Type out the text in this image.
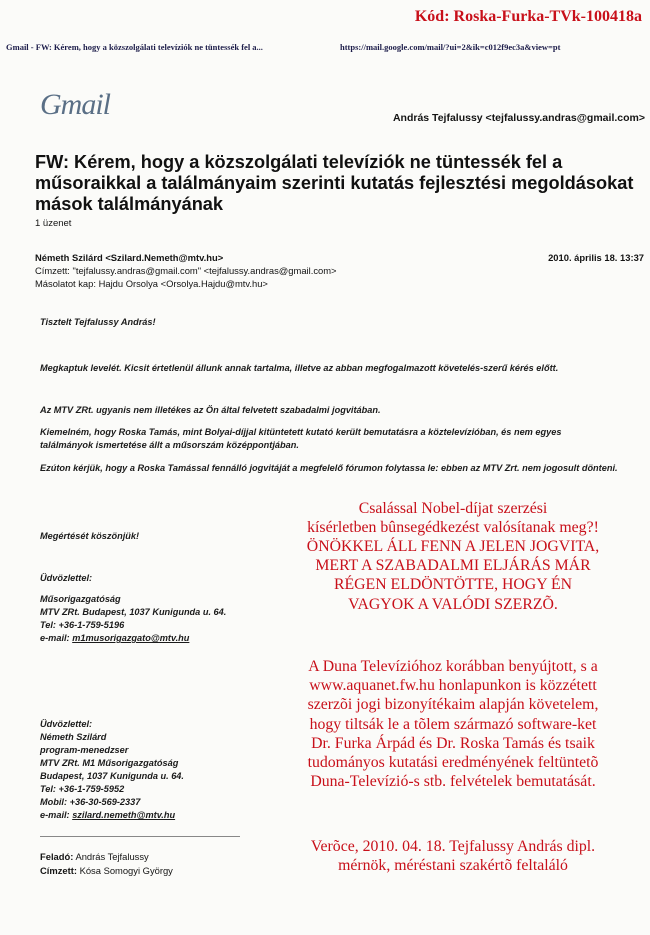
Kód: Roska-Furka-TVk-100418a
Gmail - FW: Kérem, hogy a közszolgálati televíziók ne tüntessék fel a...	https://mail.google.com/mail/?ui=2&ik=c012f9ec3a&view=pt
Gmail	András Tejfalussy <tejfalussy.andras@gmail.com>
FW: Kérem, hogy a közszolgálati televíziók ne tüntessék fel a műsoraikkal a találmányaim szerinti kutatás fejlesztési megoldásokat mások találmányának
1 üzenet
Németh Szilárd <Szilard.Nemeth@mtv.hu>	2010. április 18. 13:37
Címzett: "tejfalussy.andras@gmail.com" <tejfalussy.andras@gmail.com>
Másolatot kap: Hajdu Orsolya <Orsolya.Hajdu@mtv.hu>
Tisztelt Tejfalussy András!
Megkaptuk levelét. Kicsit értetlenül állunk annak tartalma, illetve az abban megfogalmazott követelés-szerű kérés előtt.
Az MTV ZRt. ugyanis nem illetékes az Ön által felvetett szabadalmi jogvitában.
Kiemelném, hogy Roska Tamás, mint Bolyai-díjjal kitüntetett kutató került bemutatásra a köztelevízióban, és nem egyes találmányok ismertetése állt a műsorszám középpontjában.
Ezúton kérjük, hogy a Roska Tamással fennálló jogvitáját a megfelelő fórumon folytassa le: ebben az MTV Zrt. nem jogosult dönteni.
Megértését köszönjük!
Üdvözlettel:
Műsorigazgatóság
MTV ZRt. Budapest, 1037 Kunigunda u. 64.
Tel: +36-1-759-5196
e-mail: m1musorigazgato@mtv.hu
Üdvözlettel:
Németh Szilárd
program-menedzser
MTV ZRt. M1 Műsorigazgatóság
Budapest, 1037 Kunigunda u. 64.
Tel: +36-1-759-5952
Mobil: +36-30-569-2337
e-mail: szilard.nemeth@mtv.hu
Feladó: András Tejfalussy
Címzett: Kósa Somogyi György
Csalással Nobel-díjat szerzési
kísérletben bûnsegédkezést valósítanak meg?!
ÖNÖKKEL ÁLL FENN A JELEN JOGVITA,
MERT A SZABADALMI ELJÁRÁS MÁR
RÉGEN ELDÖNTÖTTE, HOGY ÉN
VAGYOK A VALÓDI SZERZÕ.
A Duna Televízióhoz korábban benyújtott, s a
www.aquanet.fw.hu honlapunkon is közzétett
szerzõi jogi bizonyítékaim alapján követelem,
hogy tiltsák le a tõlem származó software-ket
Dr. Furka Árpád és Dr. Roska Tamás és tsaik
tudományos kutatási eredményének feltüntetõ
Duna-Televízió-s stb. felvételek bemutatását.
Verõce, 2010. 04. 18. Tejfalussy András dipl.
mérnök, méréstani szakértõ feltaláló
